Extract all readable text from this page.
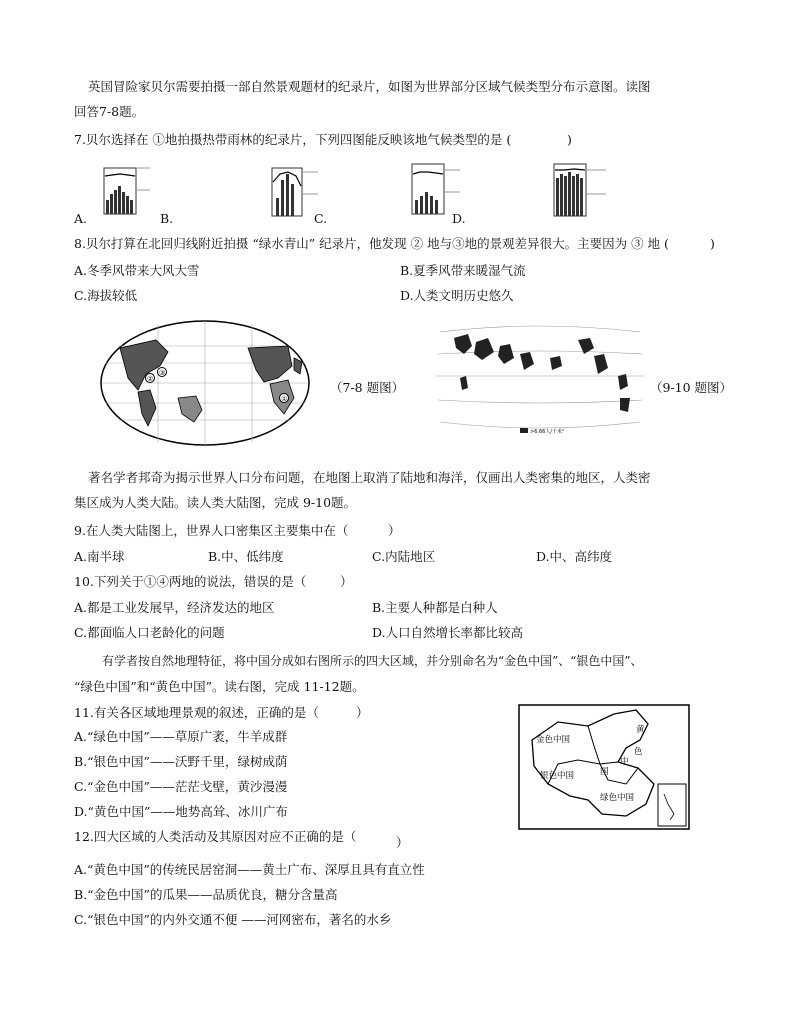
英国冒险家贝尔需要拍摄一部自然景观题材的纪录片，如图为世界部分区域气候类型分布示意图。读图
回答7-8题。
7.贝尔选择在 ①地拍摄热带雨林的纪录片，下列四图能反映该地气候类型的是 (	)
A.	B.	C.	D.
8.贝尔打算在北回归线附近拍摄 “绿水青山” 纪录片，他发现 ② 地与③地的景观差异很大。主要因为 ③ 地 (	)
A.冬季风带来大风大雪	B.夏季风带来暖湿气流
C.海拔较低	D.人类文明历史悠久
②
③
①
（7-8 题图）
>6.66人/千米²
（9-10 题图）
著名学者邦奇为揭示世界人口分布问题，在地图上取消了陆地和海洋，仅画出人类密集的地区，人类密
集区成为人类大陆。读人类大陆图，完成 9-10题。
9.在人类大陆图上，世界人口密集区主要集中在（	）
A.南半球	B.中、低纬度	C.内陆地区	D.中、高纬度
10.下列关于①④两地的说法，错误的是（	）
A.都是工业发展早，经济发达的地区	B.主要人种都是白种人
C.都面临人口老龄化的问题	D.人口自然增长率都比较高
有学者按自然地理特征，将中国分成如右图所示的四大区域，并分别命名为“金色中国”、“银色中国”、
“绿色中国”和“黄色中国”。读右图，完成 11-12题。
11.有关各区域地理景观的叙述，正确的是（	）
A.“绿色中国”——草原广袤，牛羊成群
B.“银色中国”——沃野千里，绿树成荫
C.“金色中国”——茫茫戈壁，黄沙漫漫
D.“黄色中国”——地势高耸、冰川广布
金色中国
银色中国
黄
国
中
绿色中国
色
12.四大区域的人类活动及其原因对应不正确的是（	）
A.“黄色中国”的传统民居窑洞——黄土广布、深厚且具有直立性
B.“金色中国”的瓜果——品质优良，糖分含量高
C.“银色中国”的内外交通不便 ——河网密布，著名的水乡
